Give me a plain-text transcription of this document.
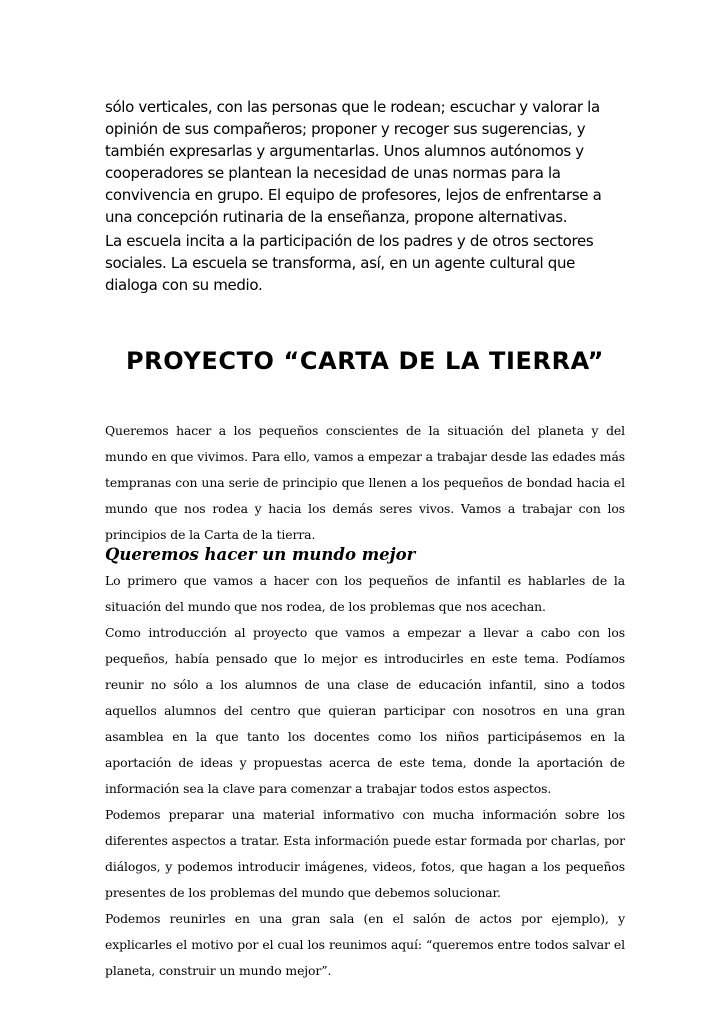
sólo verticales, con las personas que le rodean; escuchar y valorar la opinión de sus compañeros; proponer y recoger sus sugerencias, y también expresarlas y argumentarlas. Unos alumnos autónomos y cooperadores se plantean la necesidad de unas normas para la convivencia en grupo. El equipo de profesores, lejos de enfrentarse a una concepción rutinaria de la enseñanza, propone alternativas.

La escuela incita a la participación de los padres y de otros sectores sociales. La escuela se transforma, así, en un agente cultural que dialoga con su medio.

PROYECTO “CARTA DE LA TIERRA”

Queremos hacer a los pequeños conscientes de la situación del planeta y del mundo en que vivimos. Para ello, vamos a empezar a trabajar desde las edades más tempranas con una serie de principio que llenen a los pequeños de bondad hacia el mundo que nos rodea y hacia los demás seres vivos. Vamos a trabajar con los principios de la Carta de la tierra.

Queremos hacer un mundo mejor

Lo primero que vamos a hacer con los pequeños de infantil es hablarles de la situación del mundo que nos rodea, de los problemas que nos acechan.

Como introducción al proyecto que vamos a empezar a llevar a cabo con los pequeños, había pensado que lo mejor es introducirles en este tema. Podíamos reunir no sólo a los alumnos de una clase de educación infantil, sino a todos aquellos alumnos del centro que quieran participar con nosotros en una gran asamblea en la que tanto los docentes como los niños participásemos en la aportación de ideas y propuestas acerca de este tema, donde la aportación de información sea la clave para comenzar a trabajar todos estos aspectos.

Podemos preparar una material informativo con mucha información sobre los diferentes aspectos a tratar. Esta información puede estar formada por charlas, por diálogos, y podemos introducir imágenes, videos, fotos, que hagan a los pequeños presentes de los problemas del mundo que debemos solucionar.

Podemos reunirles en una gran sala (en el salón de actos por ejemplo), y explicarles el motivo por el cual los reunimos aquí: “queremos entre todos salvar el planeta, construir un mundo mejor”.
